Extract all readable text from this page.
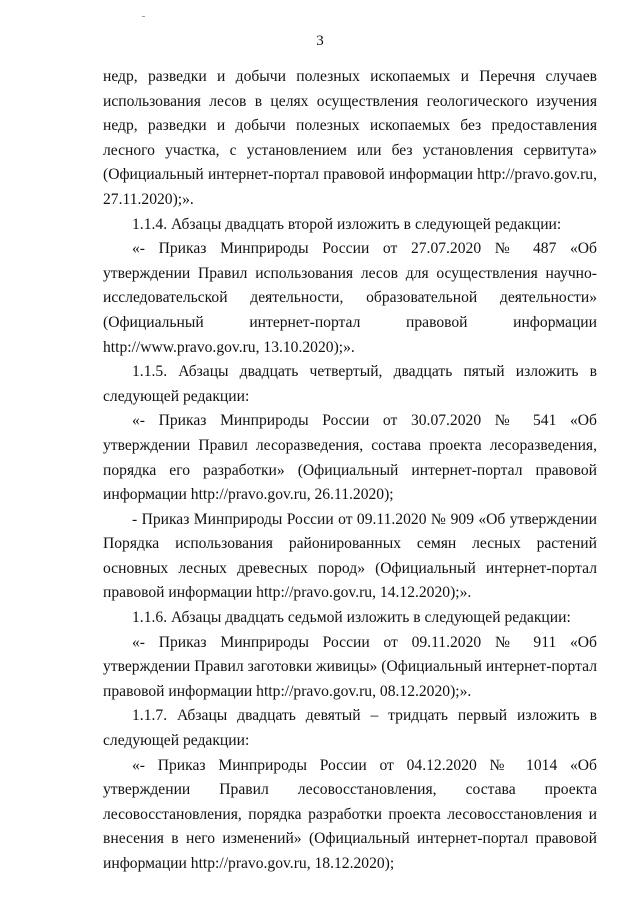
3

недр, разведки и добычи полезных ископаемых и Перечня случаев использования лесов в целях осуществления геологического изучения недр, разведки и добычи полезных ископаемых без предоставления лесного участка, с установлением или без установления сервитута» (Официальный интернет-портал правовой информации http://pravo.gov.ru, 27.11.2020);».

1.1.4. Абзацы двадцать второй изложить в следующей редакции:

«- Приказ Минприроды России от 27.07.2020 № 487 «Об утверждении Правил использования лесов для осуществления научно-исследовательской деятельности, образовательной деятельности» (Официальный интернет-портал правовой информации http://www.pravo.gov.ru, 13.10.2020);».

1.1.5. Абзацы двадцать четвертый, двадцать пятый изложить в следующей редакции:

«- Приказ Минприроды России от 30.07.2020 № 541 «Об утверждении Правил лесоразведения, состава проекта лесоразведения, порядка его разработки» (Официальный интернет-портал правовой информации http://pravo.gov.ru, 26.11.2020);

- Приказ Минприроды России от 09.11.2020 № 909 «Об утверждении Порядка использования районированных семян лесных растений основных лесных древесных пород» (Официальный интернет-портал правовой информации http://pravo.gov.ru, 14.12.2020);».

1.1.6. Абзацы двадцать седьмой изложить в следующей редакции:

«- Приказ Минприроды России от 09.11.2020 № 911 «Об утверждении Правил заготовки живицы» (Официальный интернет-портал правовой информации http://pravo.gov.ru, 08.12.2020);».

1.1.7. Абзацы двадцать девятый – тридцать первый изложить в следующей редакции:

«- Приказ Минприроды России от 04.12.2020 № 1014 «Об утверждении Правил лесовосстановления, состава проекта лесовосстановления, порядка разработки проекта лесовосстановления и внесения в него изменений» (Официальный интернет-портал правовой информации http://pravo.gov.ru, 18.12.2020);
